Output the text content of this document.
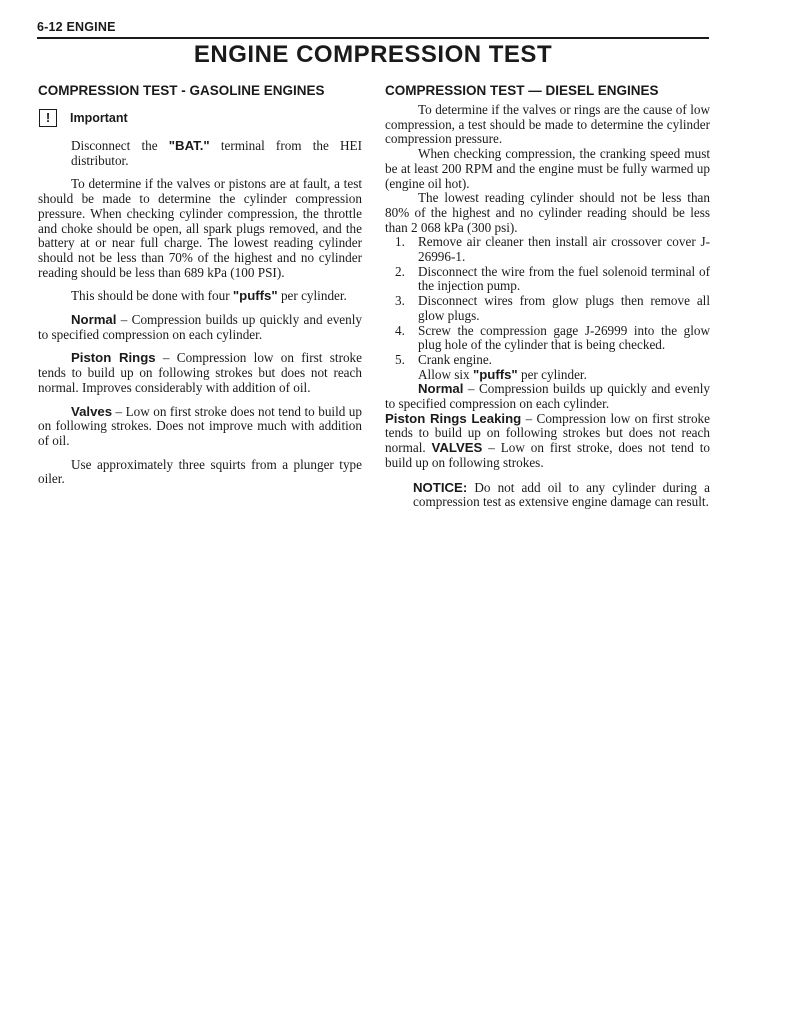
6-12 ENGINE
ENGINE COMPRESSION TEST
COMPRESSION TEST - GASOLINE ENGINES
!	Important

Disconnect the "BAT." terminal from the HEI distributor.

To determine if the valves or pistons are at fault, a test should be made to determine the cylinder compression pressure. When checking cylinder compression, the throttle and choke should be open, all spark plugs removed, and the battery at or near full charge. The lowest reading cylinder should not be less than 70% of the highest and no cylinder reading should be less than 689 kPa (100 PSI).

This should be done with four "puffs" per cylinder.

Normal – Compression builds up quickly and evenly to specified compression on each cylinder.

Piston Rings – Compression low on first stroke tends to build up on following strokes but does not reach normal. Improves considerably with addition of oil.

Valves – Low on first stroke does not tend to build up on following strokes. Does not improve much with addition of oil.

Use approximately three squirts from a plunger type oiler.

COMPRESSION TEST — DIESEL ENGINES

To determine if the valves or rings are the cause of low compression, a test should be made to determine the cylinder compression pressure.

When checking compression, the cranking speed must be at least 200 RPM and the engine must be fully warmed up (engine oil hot).

The lowest reading cylinder should not be less than 80% of the highest and no cylinder reading should be less than 2 068 kPa (300 psi).

1. Remove air cleaner then install air crossover cover J-26996-1.
2. Disconnect the wire from the fuel solenoid terminal of the injection pump.
3. Disconnect wires from glow plugs then remove all glow plugs.
4. Screw the compression gage J-26999 into the glow plug hole of the cylinder that is being checked.
5. Crank engine.

Allow six "puffs" per cylinder.

Normal – Compression builds up quickly and evenly to specified compression on each cylinder.

Piston Rings Leaking – Compression low on first stroke tends to build up on following strokes but does not reach normal. VALVES – Low on first stroke, does not tend to build up on following strokes.

NOTICE: Do not add oil to any cylinder during a compression test as extensive engine damage can result.
